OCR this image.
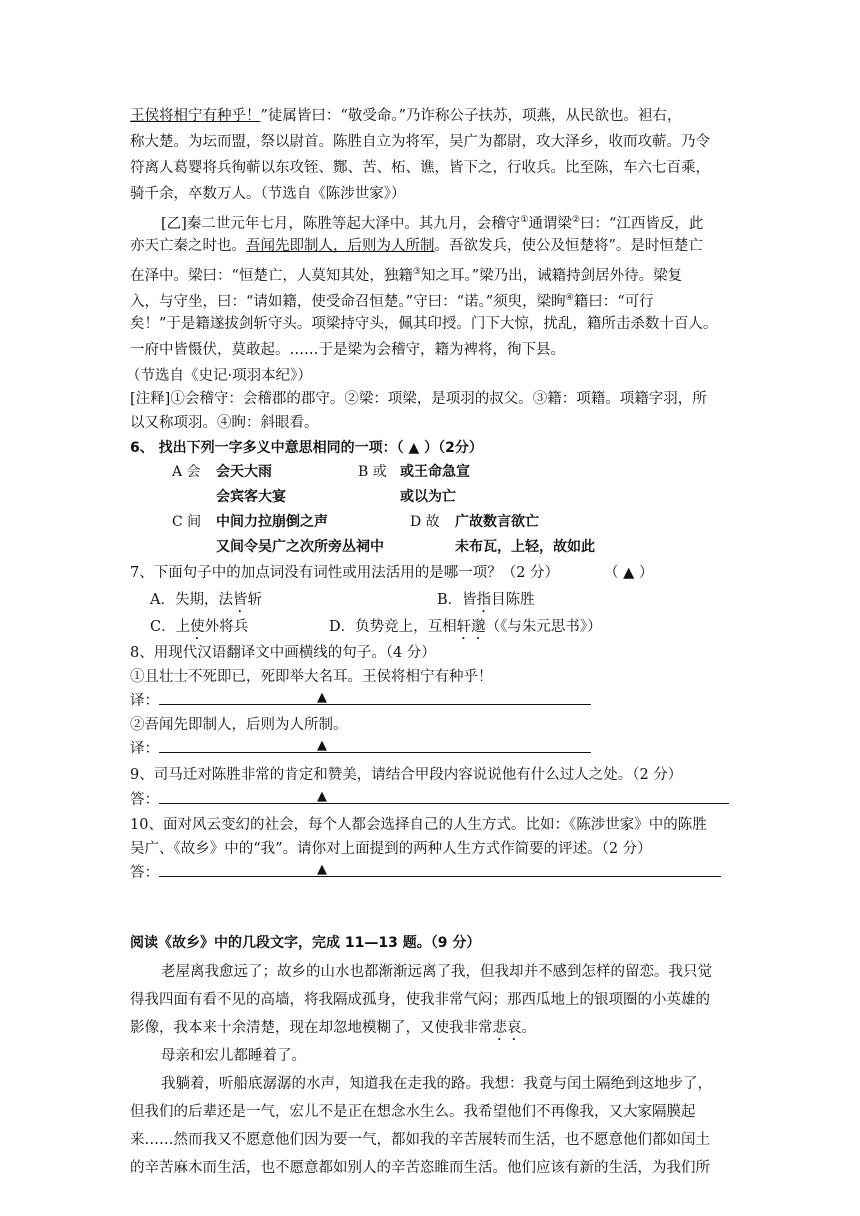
王侯将相宁有种乎！”徒属皆曰：“敬受命。”乃诈称公子扶苏，项燕，从民欲也。袒右，
称大楚。为坛而盟，祭以尉首。陈胜自立为将军，吴广为都尉，攻大泽乡，收而攻蕲。乃令
符离人葛婴将兵徇蕲以东攻铚、酂、苦、柘、谯，皆下之，行收兵。比至陈，车六七百乘，
骑千余，卒数万人。（节选自《陈涉世家》）
[乙]秦二世元年七月，陈胜等起大泽中。其九月，会稽守①通谓梁②曰：“江西皆反，此
亦天亡秦之时也。吾闻先即制人，后则为人所制。吾欲发兵，使公及恒楚将”。是时恒楚亡
在泽中。梁曰：“恒楚亡，人莫知其处，独籍③知之耳。”梁乃出，诫籍持剑居外待。梁复
入，与守坐，曰：“请如籍，使受命召恒楚。”守曰：“诺。”须臾，梁眴④籍曰：“可行
矣！”于是籍遂拔剑斩守头。项梁持守头，佩其印授。门下大惊，扰乱，籍所击杀数十百人。
一府中皆慑伏，莫敢起。……于是梁为会稽守，籍为裨将，徇下县。
（节选自《史记·项羽本纪》）
[注释]①会稽守：会稽郡的郡守。②梁：项梁，是项羽的叔父。③籍：项籍。项籍字羽，所
以又称项羽。④眴：斜眼看。
6、 找出下列一字多义中意思相同的一项：（ ▲ ）（2分）
A 会 会天大雨
会宾客大宴
B 或 或王命急宣
或以为亡
C 间 中间力拉崩倒之声
又间令吴广之次所旁丛祠中
D 故 广故数言欲亡
未布瓦，上轻，故如此
7、下面句子中的加点词没有词性或用法活用的是哪一项？（2 分）	（ ▲ ）
A．失期，法皆斩	B．皆指目陈胜
C．上使外将兵	D．负势竞上，互相轩邈（《与朱元思书》）
8、用现代汉语翻译文中画横线的句子。（4 分）
①且壮士不死即已，死即举大名耳。王侯将相宁有种乎！
译：	▲
②吾闻先即制人，后则为人所制。
译：	▲
9、司马迁对陈胜非常的肯定和赞美，请结合甲段内容说说他有什么过人之处。（2 分）
答：	▲
10、面对风云变幻的社会，每个人都会选择自己的人生方式。比如：《陈涉世家》中的陈胜
吴广、《故乡》中的“我”。请你对上面提到的两种人生方式作简要的评述。（2 分）
答：	▲
阅读《故乡》中的几段文字，完成 11—13 题。（9 分）
老屋离我愈远了；故乡的山水也都渐渐远离了我，但我却并不感到怎样的留恋。我只觉
得我四面有看不见的高墙，将我隔成孤身，使我非常气闷；那西瓜地上的银项圈的小英雄的
影像，我本来十余清楚，现在却忽地模糊了，又使我非常悲哀。
母亲和宏儿都睡着了。
我躺着，听船底潺潺的水声，知道我在走我的路。我想：我竟与闰土隔绝到这地步了，
但我们的后辈还是一气，宏儿不是正在想念水生么。我希望他们不再像我，又大家隔膜起
来……然而我又不愿意他们因为要一气，都如我的辛苦展转而生活，也不愿意他们都如闰土
的辛苦麻木而生活，也不愿意都如别人的辛苦恣睢而生活。他们应该有新的生活，为我们所
